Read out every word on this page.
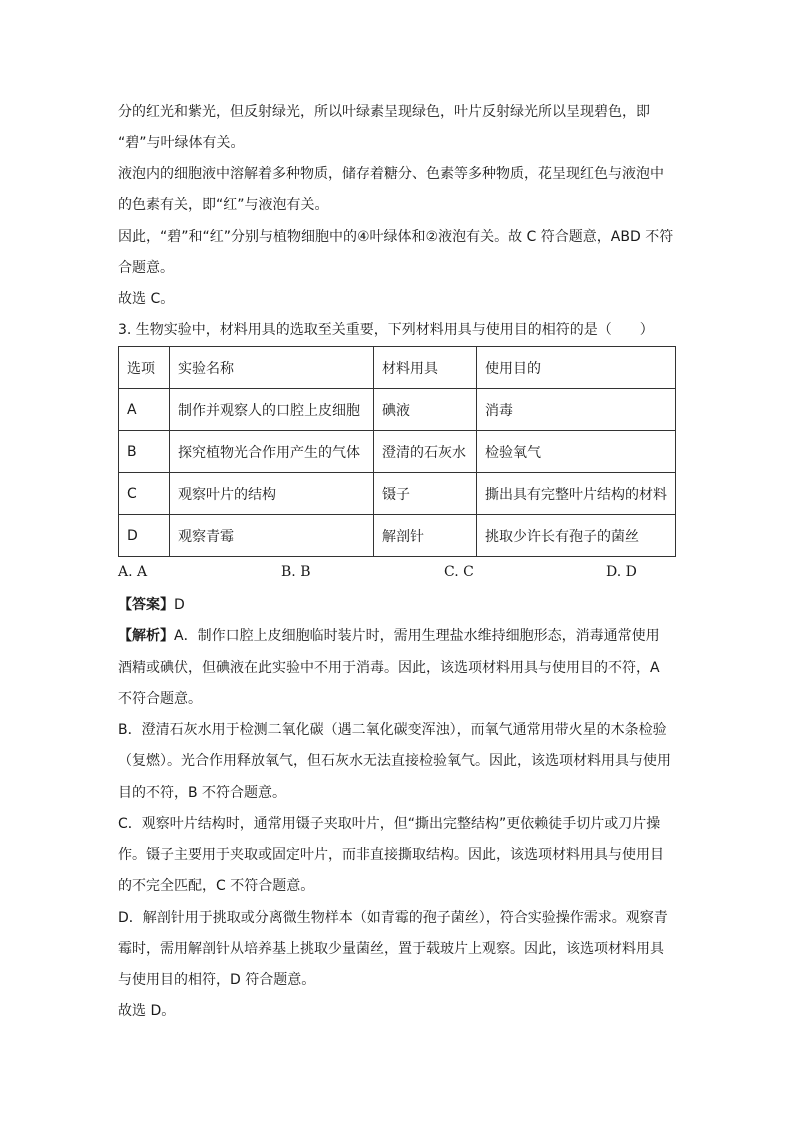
分的红光和紫光，但反射绿光，所以叶绿素呈现绿色，叶片反射绿光所以呈现碧色，即
“碧”与叶绿体有关。
液泡内的细胞液中溶解着多种物质，储存着糖分、色素等多种物质，花呈现红色与液泡中
的色素有关，即“红”与液泡有关。
因此，“碧”和“红”分别与植物细胞中的④叶绿体和②液泡有关。故 C 符合题意，ABD 不符
合题意。
故选 C。
3. 生物实验中，材料用具的选取至关重要，下列材料用具与使用目的相符的是（　　）
选项	实验名称	材料用具	使用目的
A	制作并观察人的口腔上皮细胞	碘液	消毒
B	探究植物光合作用产生的气体	澄清的石灰水	检验氧气
C	观察叶片的结构	镊子	撕出具有完整叶片结构的材料
D	观察青霉	解剖针	挑取少许长有孢子的菌丝
A. A	B. B	C. C	D. D
【答案】D
【解析】A．制作口腔上皮细胞临时装片时，需用生理盐水维持细胞形态，消毒通常使用
酒精或碘伏，但碘液在此实验中不用于消毒。因此，该选项材料用具与使用目的不符，A
不符合题意。
B．澄清石灰水用于检测二氧化碳（遇二氧化碳变浑浊），而氧气通常用带火星的木条检验
（复燃）。光合作用释放氧气，但石灰水无法直接检验氧气。因此，该选项材料用具与使用
目的不符，B 不符合题意。
C．观察叶片结构时，通常用镊子夹取叶片，但“撕出完整结构”更依赖徒手切片或刀片操
作。镊子主要用于夹取或固定叶片，而非直接撕取结构。因此，该选项材料用具与使用目
的不完全匹配，C 不符合题意。
D．解剖针用于挑取或分离微生物样本（如青霉的孢子菌丝），符合实验操作需求。观察青
霉时，需用解剖针从培养基上挑取少量菌丝，置于载玻片上观察。因此，该选项材料用具
与使用目的相符，D 符合题意。
故选 D。
